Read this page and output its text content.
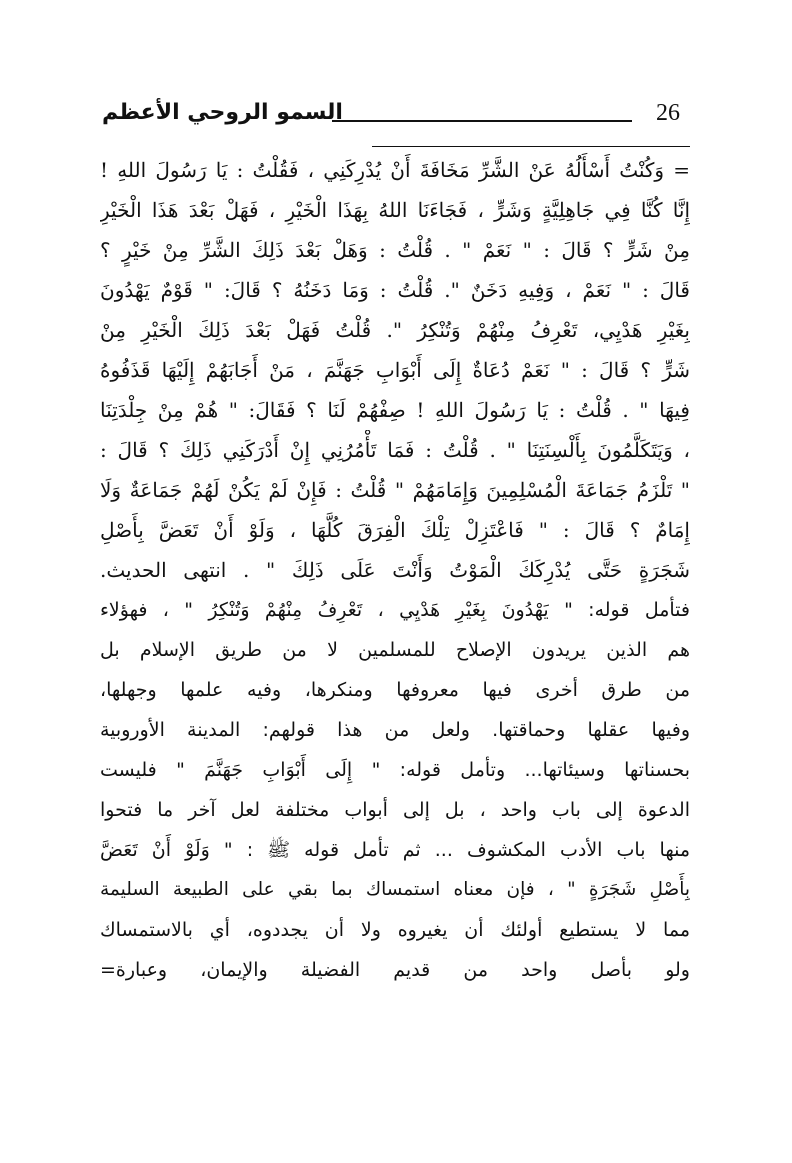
26
السمو الروحي الأعظم
= وَكُنْتُ أَسْأَلُهُ عَنْ الشَّرِّ مَخَافَةَ أَنْ يُدْرِكَنِي ، فَقُلْتُ : يَا رَسُولَ اللهِ !
إِنَّا كُنَّا فِي جَاهِلِيَّةٍ وَشَرٍّ ، فَجَاءَنَا اللهُ بِهَذَا الْخَيْرِ ، فَهَلْ بَعْدَ هَذَا الْخَيْرِ
مِنْ شَرٍّ ؟ قَالَ : " نَعَمْ " . قُلْتُ : وَهَلْ بَعْدَ ذَلِكَ الشَّرِّ مِنْ خَيْرٍ ؟
قَالَ : " نَعَمْ ، وَفِيهِ دَخَنٌ ". قُلْتُ : وَمَا دَخَنُهُ ؟ قَالَ: " قَوْمٌ يَهْدُونَ
بِغَيْرِ هَدْيِي، تَعْرِفُ مِنْهُمْ وَتُنْكِرُ ". قُلْتُ فَهَلْ بَعْدَ ذَلِكَ الْخَيْرِ مِنْ
شَرٍّ ؟ قَالَ : " نَعَمْ دُعَاةٌ إِلَى أَبْوَابِ جَهَنَّمَ ، مَنْ أَجَابَهُمْ إِلَيْهَا قَذَفُوهُ
فِيهَا " . قُلْتُ : يَا رَسُولَ اللهِ ! صِفْهُمْ لَنَا ؟ فَقَالَ: " هُمْ مِنْ جِلْدَتِنَا
، وَيَتَكَلَّمُونَ بِأَلْسِنَتِنَا " . قُلْتُ : فَمَا تَأْمُرُنِي إِنْ أَدْرَكَنِي ذَلِكَ ؟ قَالَ :
" تَلْزَمُ جَمَاعَةَ الْمُسْلِمِينَ وَإِمَامَهُمْ " قُلْتُ : فَإِنْ لَمْ يَكُنْ لَهُمْ جَمَاعَةٌ وَلَا
إِمَامٌ ؟ قَالَ : " فَاعْتَزِلْ تِلْكَ الْفِرَقَ كُلَّهَا ، وَلَوْ أَنْ تَعَضَّ بِأَصْلِ
شَجَرَةٍ حَتَّى يُدْرِكَكَ الْمَوْتُ وَأَنْتَ عَلَى ذَلِكَ " . انتهى الحديث.
فتأمل قوله: " يَهْدُونَ بِغَيْرِ هَدْيِي ، تَعْرِفُ مِنْهُمْ وَتُنْكِرُ " ، فهؤلاء
هم الذين يريدون الإصلاح للمسلمين لا من طريق الإسلام بل
من طرق أخرى فيها معروفها ومنكرها، وفيه علمها وجهلها،
وفيها عقلها وحماقتها. ولعل من هذا قولهم: المدينة الأوروبية
بحسناتها وسيئاتها... وتأمل قوله: " إِلَى أَبْوَابِ جَهَنَّمَ " فليست
الدعوة إلى باب واحد ، بل إلى أبواب مختلفة لعل آخر ما فتحوا
منها باب الأدب المكشوف ... ثم تأمل قوله ﷺ : " وَلَوْ أَنْ تَعَضَّ
بِأَصْلِ شَجَرَةٍ " ، فإن معناه استمساك بما بقي على الطبيعة السليمة
مما لا يستطيع أولئك أن يغيروه ولا أن يجددوه، أي بالاستمساك
ولو بأصل واحد من قديم الفضيلة والإيمان، وعبارة=
